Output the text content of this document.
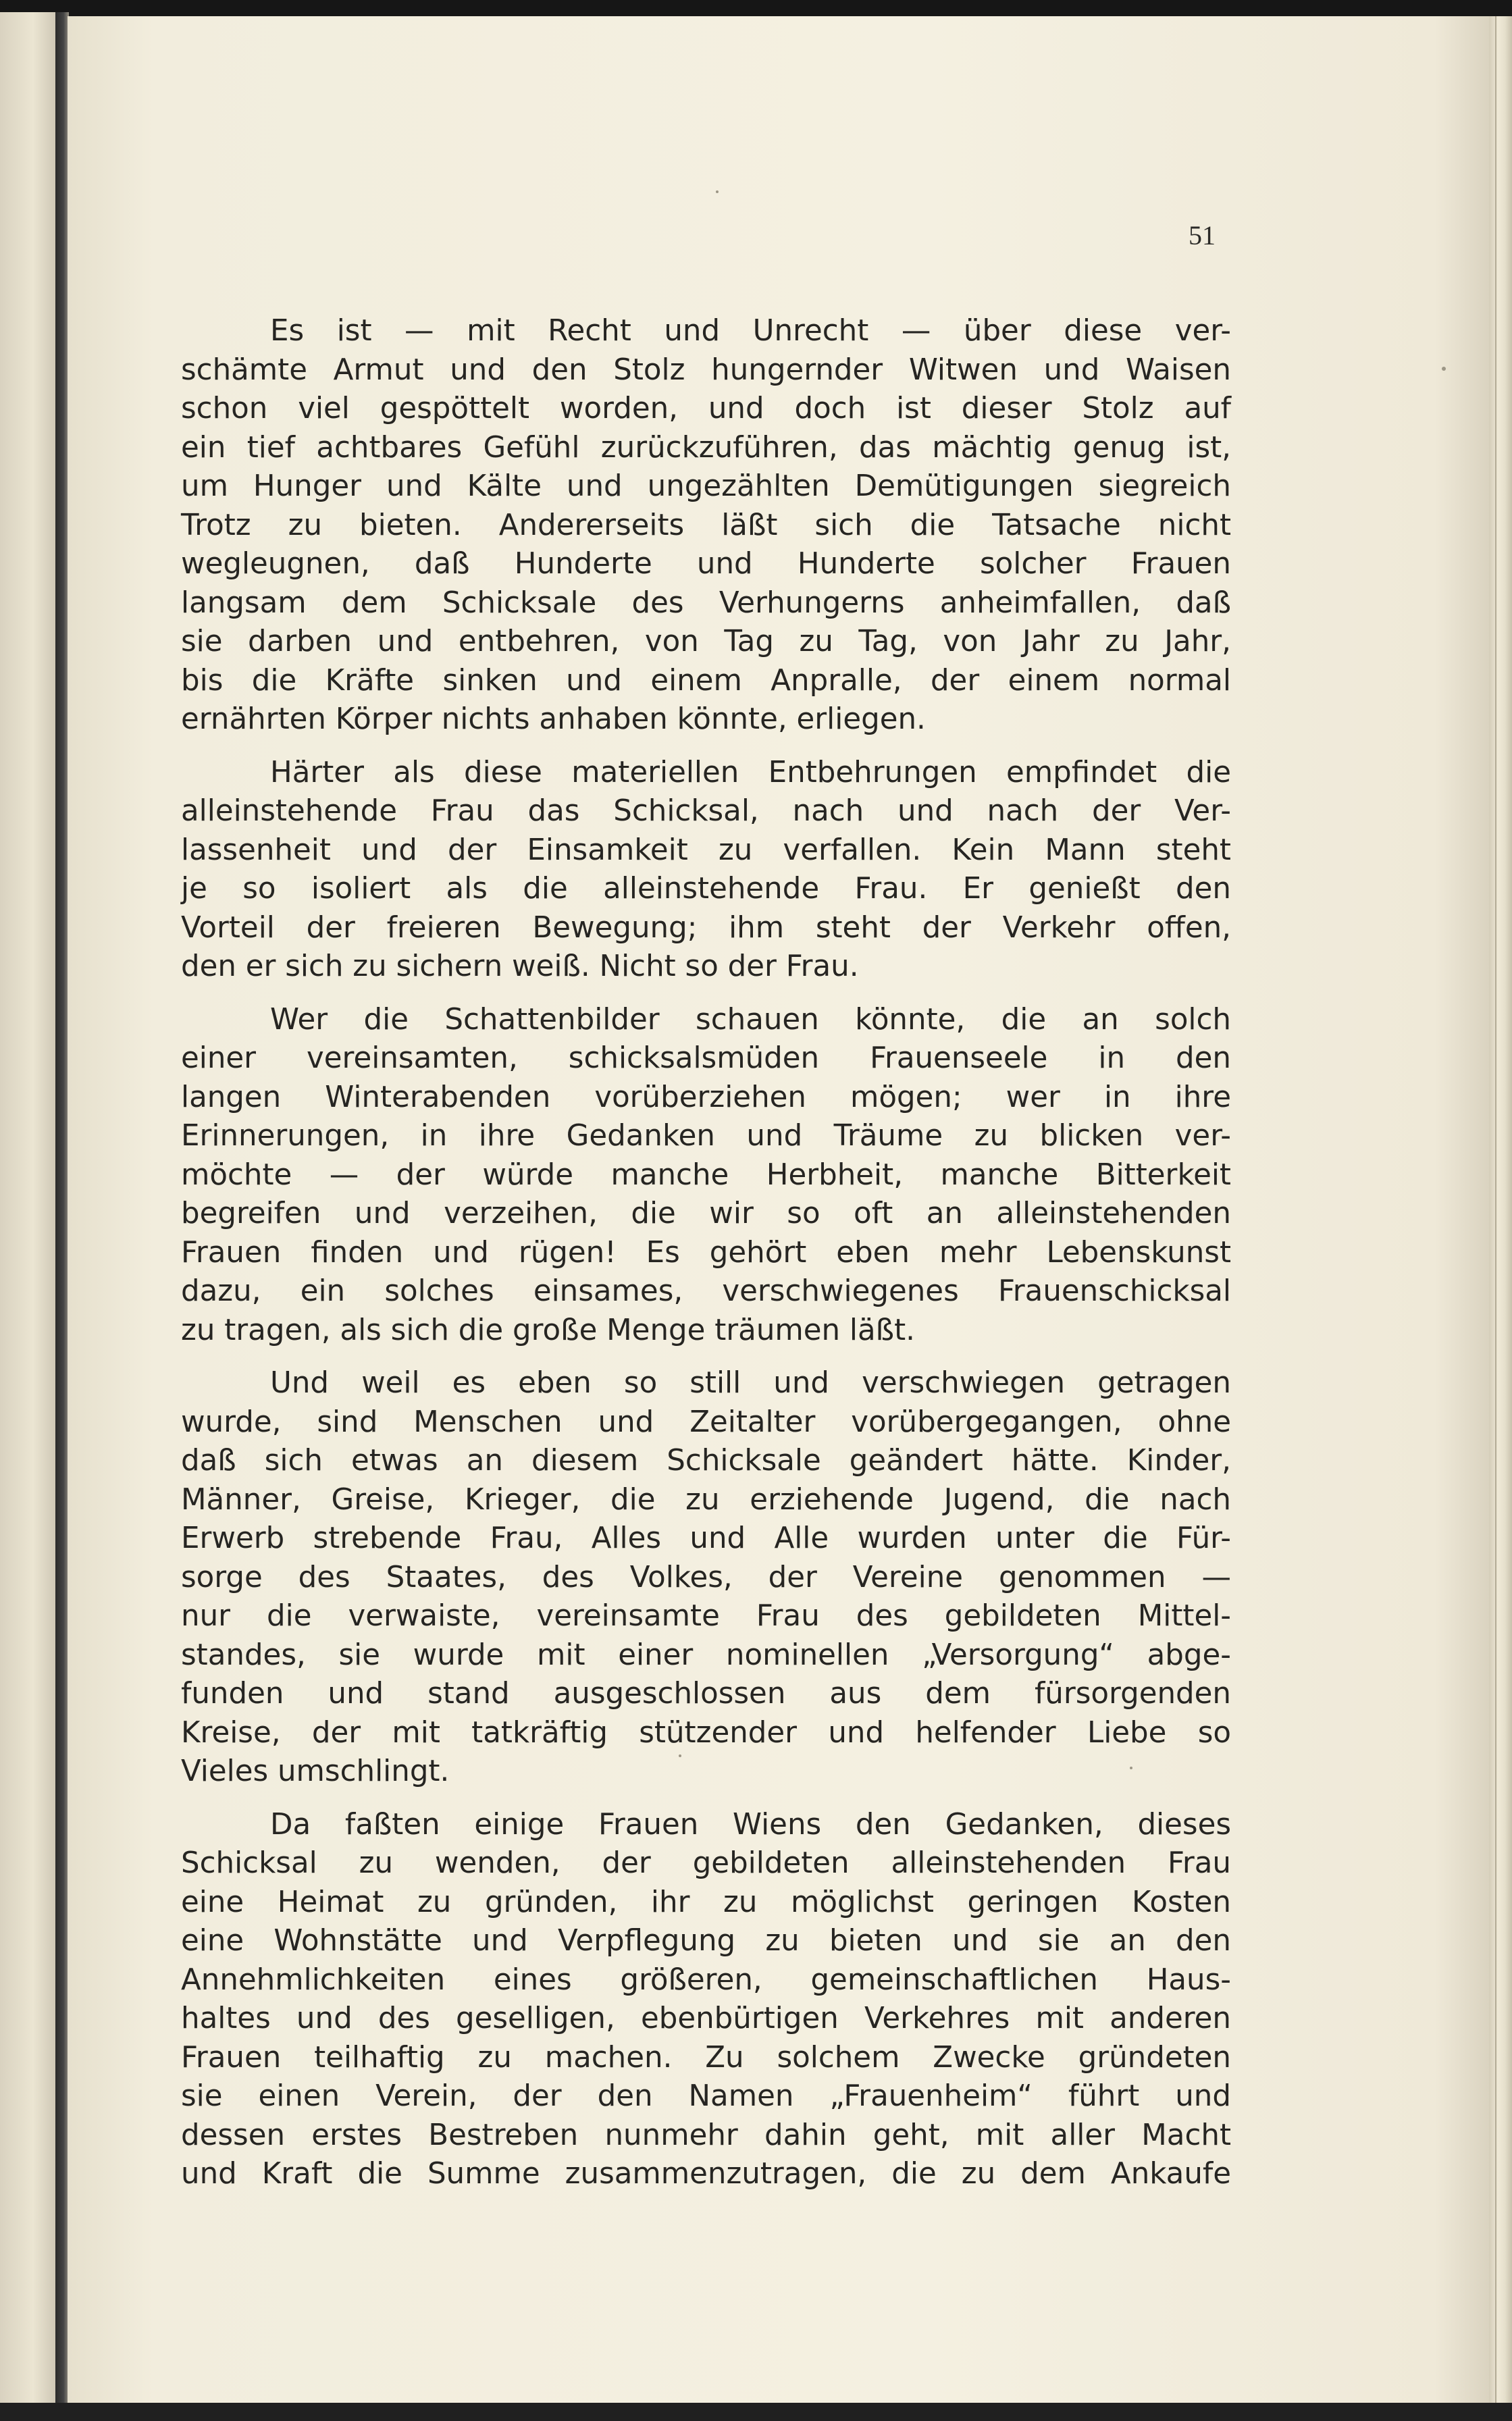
51

Es ist — mit Recht und Unrecht — über diese ver-
schämte Armut und den Stolz hungernder Witwen und Waisen
schon viel gespöttelt worden, und doch ist dieser Stolz auf
ein tief achtbares Gefühl zurückzuführen, das mächtig genug ist,
um Hunger und Kälte und ungezählten Demütigungen siegreich
Trotz zu bieten. Andererseits läßt sich die Tatsache nicht
wegleugnen, daß Hunderte und Hunderte solcher Frauen
langsam dem Schicksale des Verhungerns anheimfallen, daß
sie darben und entbehren, von Tag zu Tag, von Jahr zu Jahr,
bis die Kräfte sinken und einem Anpralle, der einem normal
ernährten Körper nichts anhaben könnte, erliegen.

Härter als diese materiellen Entbehrungen empfindet die
alleinstehende Frau das Schicksal, nach und nach der Ver-
lassenheit und der Einsamkeit zu verfallen. Kein Mann steht
je so isoliert als die alleinstehende Frau. Er genießt den
Vorteil der freieren Bewegung; ihm steht der Verkehr offen,
den er sich zu sichern weiß. Nicht so der Frau.

Wer die Schattenbilder schauen könnte, die an solch
einer vereinsamten, schicksalsmüden Frauenseele in den
langen Winterabenden vorüberziehen mögen; wer in ihre
Erinnerungen, in ihre Gedanken und Träume zu blicken ver-
möchte — der würde manche Herbheit, manche Bitterkeit
begreifen und verzeihen, die wir so oft an alleinstehenden
Frauen finden und rügen! Es gehört eben mehr Lebenskunst
dazu, ein solches einsames, verschwiegenes Frauenschicksal
zu tragen, als sich die große Menge träumen läßt.

Und weil es eben so still und verschwiegen getragen
wurde, sind Menschen und Zeitalter vorübergegangen, ohne
daß sich etwas an diesem Schicksale geändert hätte. Kinder,
Männer, Greise, Krieger, die zu erziehende Jugend, die nach
Erwerb strebende Frau, Alles und Alle wurden unter die Für-
sorge des Staates, des Volkes, der Vereine genommen —
nur die verwaiste, vereinsamte Frau des gebildeten Mittel-
standes, sie wurde mit einer nominellen „Versorgung“ abge-
funden und stand ausgeschlossen aus dem fürsorgenden
Kreise, der mit tatkräftig stützender und helfender Liebe so
Vieles umschlingt.

Da faßten einige Frauen Wiens den Gedanken, dieses
Schicksal zu wenden, der gebildeten alleinstehenden Frau
eine Heimat zu gründen, ihr zu möglichst geringen Kosten
eine Wohnstätte und Verpflegung zu bieten und sie an den
Annehmlichkeiten eines größeren, gemeinschaftlichen Haus-
haltes und des geselligen, ebenbürtigen Verkehres mit anderen
Frauen teilhaftig zu machen. Zu solchem Zwecke gründeten
sie einen Verein, der den Namen „Frauenheim“ führt und
dessen erstes Bestreben nunmehr dahin geht, mit aller Macht
und Kraft die Summe zusammenzutragen, die zu dem Ankaufe
